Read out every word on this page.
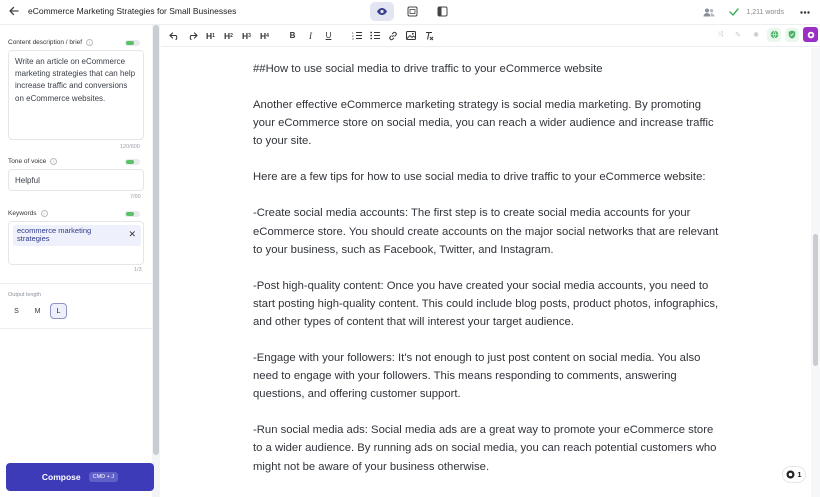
eCommerce Marketing Strategies for Small Businesses	1,211 words
Content description / brief	i
Write an article on eCommerce marketing strategies that can help increase traffic and conversions on eCommerce websites.
120/600
Tone of voice	i
Helpful
7/60
Keywords	i
ecommerce marketing strategies	✕
1/3
Output length
S	M	L
Compose	CMD + J
H 1	H 2	H 3	H 4	B	I	U	1
2
3
⤨	✎	✺

##How to use social media to drive traffic to your eCommerce website

Another effective eCommerce marketing strategy is social media marketing. By promoting your eCommerce store on social media, you can reach a wider audience and increase traffic to your site.

Here are a few tips for how to use social media to drive traffic to your eCommerce website:

-Create social media accounts: The first step is to create social media accounts for your eCommerce store. You should create accounts on the major social networks that are relevant to your business, such as Facebook, Twitter, and Instagram.

-Post high-quality content: Once you have created your social media accounts, you need to start posting high-quality content. This could include blog posts, product photos, infographics, and other types of content that will interest your target audience.

-Engage with your followers: It's not enough to just post content on social media. You also need to engage with your followers. This means responding to comments, answering questions, and offering customer support.

-Run social media ads: Social media ads are a great way to promote your eCommerce store to a wider audience. By running ads on social media, you can reach potential customers who might not be aware of your business otherwise.

1
